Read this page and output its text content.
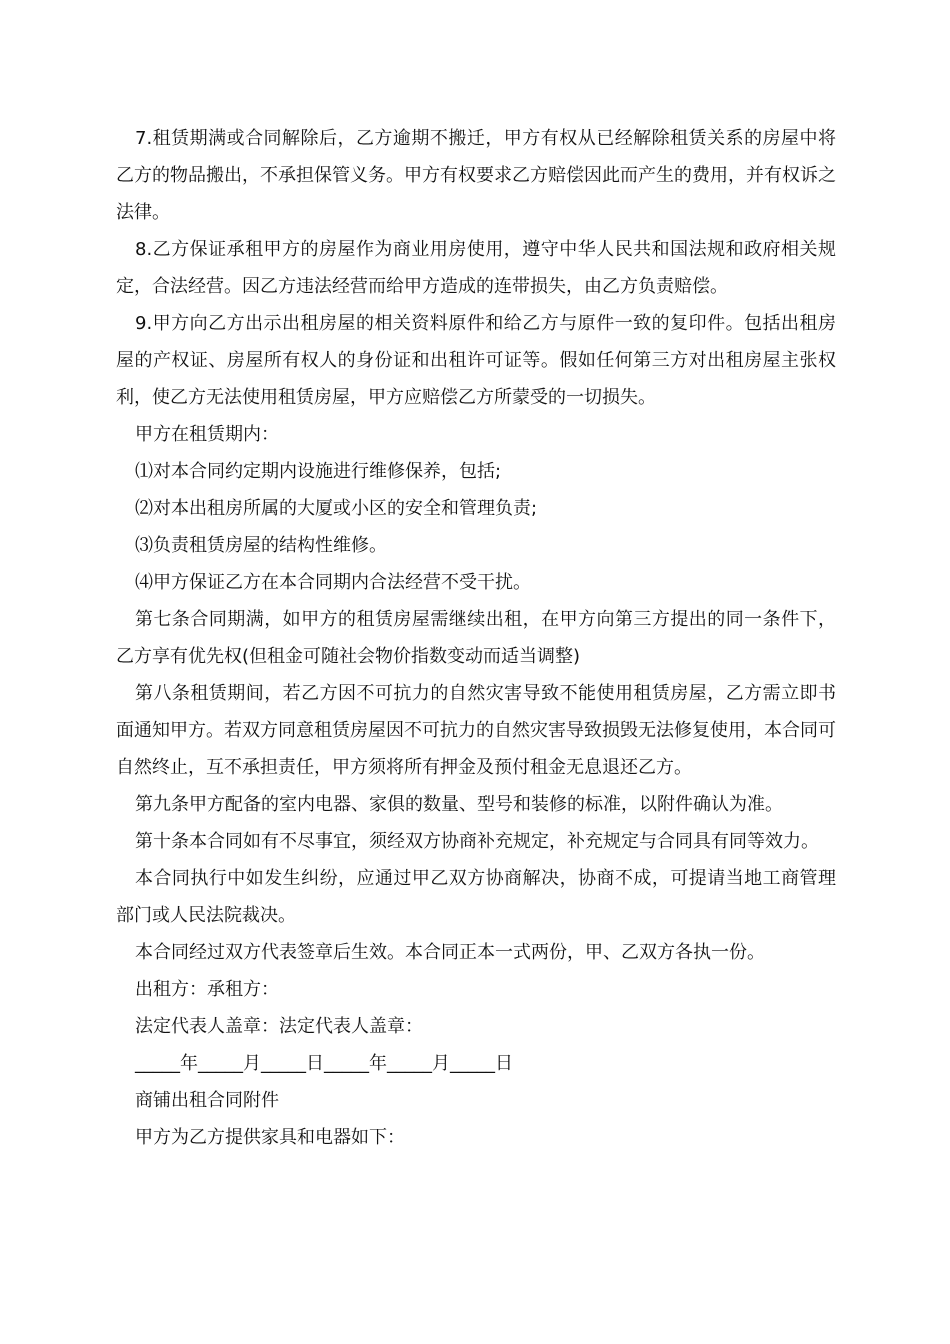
7.租赁期满或合同解除后，乙方逾期不搬迁，甲方有权从已经解除租赁关系的房屋中将乙方的物品搬出，不承担保管义务。甲方有权要求乙方赔偿因此而产生的费用，并有权诉之法律。

8.乙方保证承租甲方的房屋作为商业用房使用，遵守中华人民共和国法规和政府相关规定，合法经营。因乙方违法经营而给甲方造成的连带损失，由乙方负责赔偿。

9.甲方向乙方出示出租房屋的相关资料原件和给乙方与原件一致的复印件。包括出租房屋的产权证、房屋所有权人的身份证和出租许可证等。假如任何第三方对出租房屋主张权利，使乙方无法使用租赁房屋，甲方应赔偿乙方所蒙受的一切损失。

甲方在租赁期内：

⑴对本合同约定期内设施进行维修保养，包括;

⑵对本出租房所属的大厦或小区的安全和管理负责;

⑶负责租赁房屋的结构性维修。

⑷甲方保证乙方在本合同期内合法经营不受干扰。

第七条合同期满，如甲方的租赁房屋需继续出租，在甲方向第三方提出的同一条件下，乙方享有优先权(但租金可随社会物价指数变动而适当调整)

第八条租赁期间，若乙方因不可抗力的自然灾害导致不能使用租赁房屋，乙方需立即书面通知甲方。若双方同意租赁房屋因不可抗力的自然灾害导致损毁无法修复使用，本合同可自然终止，互不承担责任，甲方须将所有押金及预付租金无息退还乙方。

第九条甲方配备的室内电器、家俱的数量、型号和装修的标准，以附件确认为准。

第十条本合同如有不尽事宜，须经双方协商补充规定，补充规定与合同具有同等效力。

本合同执行中如发生纠纷，应通过甲乙双方协商解决，协商不成，可提请当地工商管理部门或人民法院裁决。

本合同经过双方代表签章后生效。本合同正本一式两份，甲、乙双方各执一份。

出租方：承租方：

法定代表人盖章：法定代表人盖章：

_____年_____月_____日_____年_____月_____日

商铺出租合同附件

甲方为乙方提供家具和电器如下：
